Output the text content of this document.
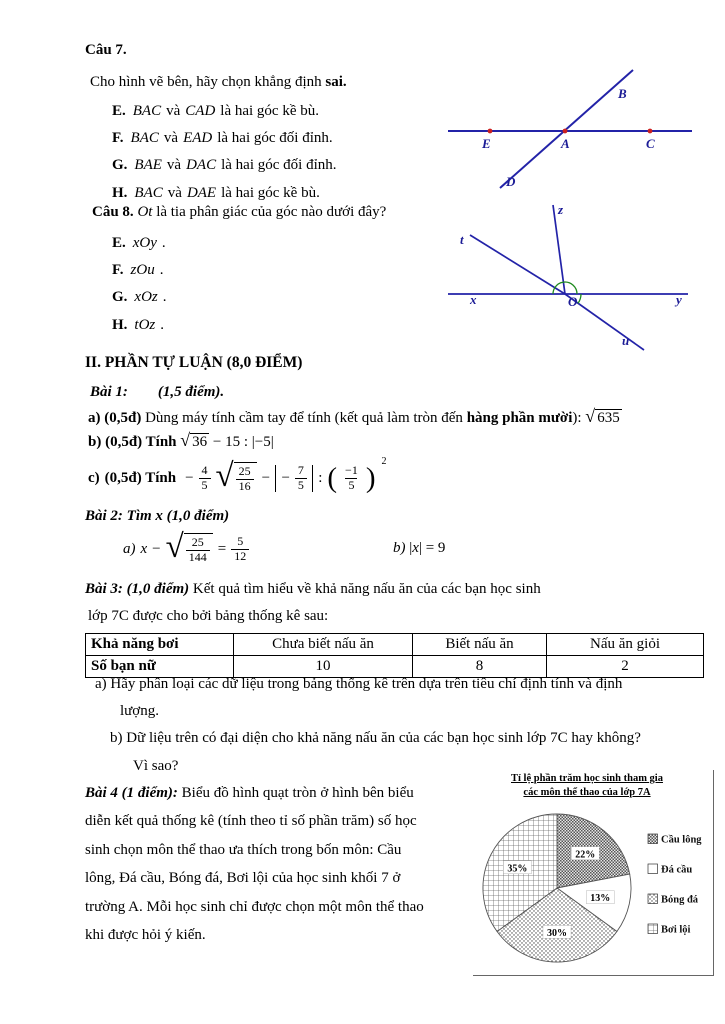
Câu 7.
Cho hình vẽ bên, hãy chọn khẳng định sai.
E. BAC và CAD là hai góc kề bù.
F. BAC và EAD là hai góc đối đỉnh.
G. BAE và DAC là hai góc đối đỉnh.
H. BAC và DAE là hai góc kề bù.
B
E	A	C
D
Câu 8. Ot là tia phân giác của góc nào dưới đây?
E. xOy .
F. zOu .
G. xOz .
H. tOz .
z
t
x	y
u
O
II. PHẦN TỰ LUẬN (8,0 ĐIỂM)
Bài 1: (1,5 điểm).
a) (0,5đ) Dùng máy tính cầm tay để tính (kết quả làm tròn đến hàng phần mười): √ 635
b) (0,5đ) Tính √ 36 − 15 : |−5|
c) (0,5đ) Tính − $\frac{4}{5}$ √ $\frac{25}{16}$ − − $\frac{7}{5}$ : ( $\frac{-1}{5}$ ) 2
Bài 2: Tìm x (1,0 điểm)
a) x − √ $\frac{25}{144} = \frac{5}{12}$	b) |x| = 9
Bài 3: (1,0 điểm) Kết quả tìm hiểu về khả năng nấu ăn của các bạn học sinh
lớp 7C được cho bởi bảng thống kê sau:
Khả năng bơi	Chưa biết nấu ăn	Biết nấu ăn	Nấu ăn giỏi
Số bạn nữ	10	8	2
a) Hãy phân loại các dữ liệu trong bảng thống kê trên dựa trên tiêu chí định tính và định
lượng.
b) Dữ liệu trên có đại diện cho khả năng nấu ăn của các bạn học sinh lớp 7C hay không?
Vì sao?
Bài 4 (1 điểm): Biểu đồ hình quạt tròn ở hình bên biểu
diễn kết quả thống kê (tính theo tỉ số phần trăm) số học
sinh chọn môn thể thao ưa thích trong bốn môn: Cầu
lông, Đá cầu, Bóng đá, Bơi lội của học sinh khối 7 ở
trường A. Mỗi học sinh chỉ được chọn một môn thể thao
khi được hỏi ý kiến.
Tỉ lệ phần trăm học sinh tham gia
các môn thể thao của lớp 7A
22%
13%
30%
35%
Cầu lông
Đá cầu
Bóng đá
Bơi lội
